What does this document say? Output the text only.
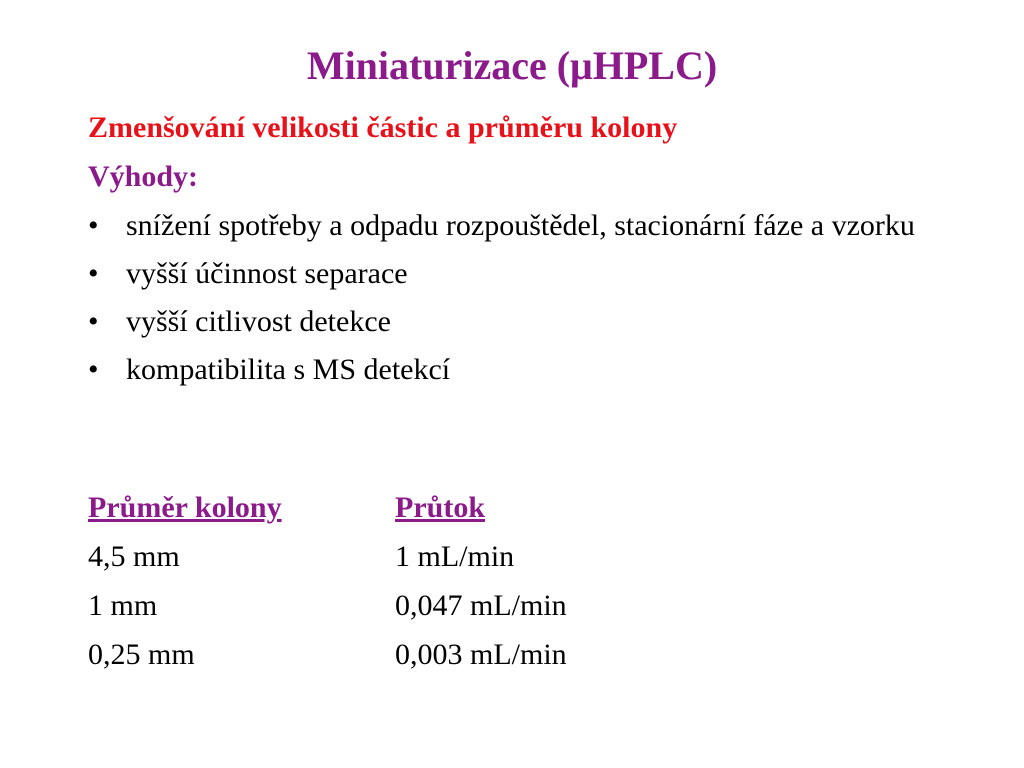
Miniaturizace (μHPLC)
Zmenšování velikosti částic a průměru kolony
Výhody:
• snížení spotřeby a odpadu rozpouštědel, stacionární fáze a vzorku
• vyšší účinnost separace
• vyšší citlivost detekce
• kompatibilita s MS detekcí
Průměr kolony	Průtok
4,5 mm	1 mL/min
1 mm	0,047 mL/min
0,25 mm	0,003 mL/min
